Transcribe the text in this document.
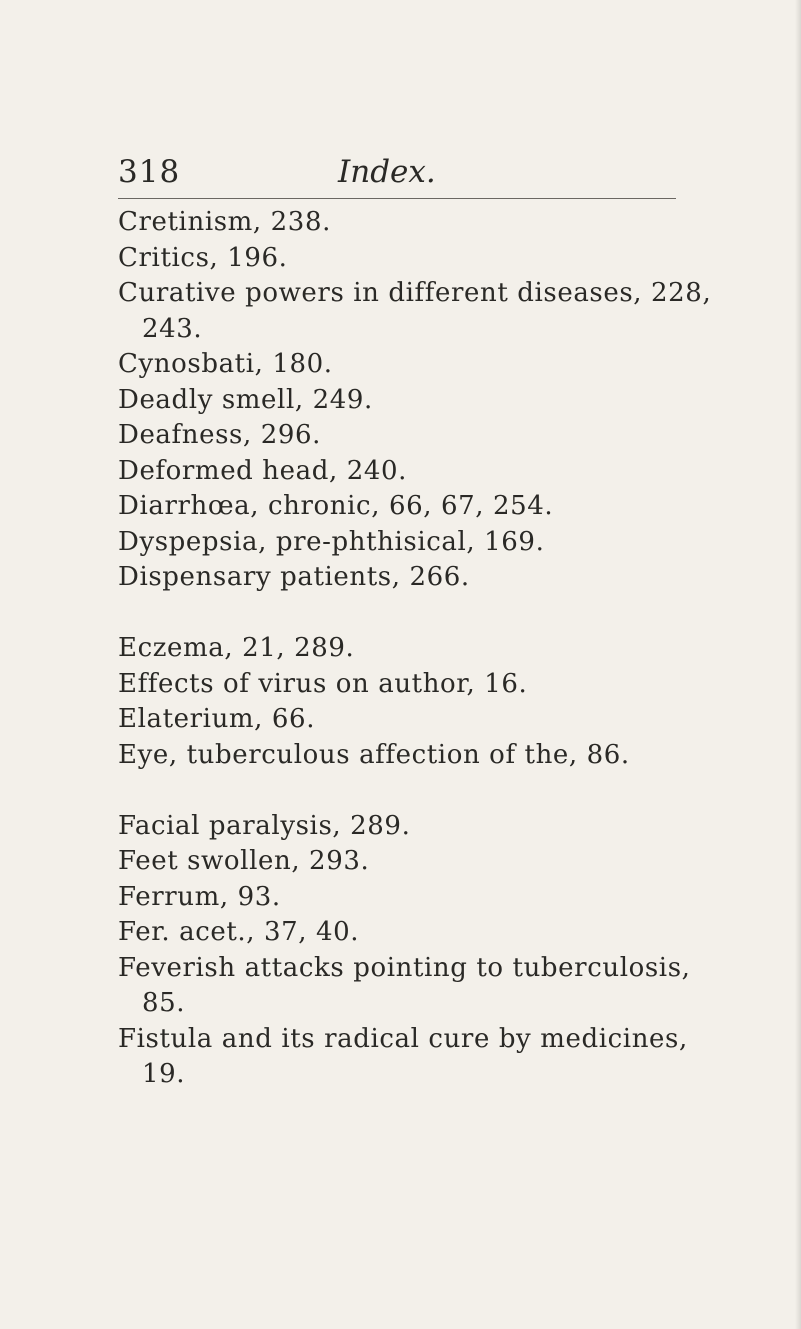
318	Index.
Cretinism, 238.
Critics, 196.
Curative powers in different diseases, 228,
243.
Cynosbati, 180.
Deadly smell, 249.
Deafness, 296.
Deformed head, 240.
Diarrhœa, chronic, 66, 67, 254.
Dyspepsia, pre-phthisical, 169.
Dispensary patients, 266.
Eczema, 21, 289.
Effects of virus on author, 16.
Elaterium, 66.
Eye, tuberculous affection of the, 86.
Facial paralysis, 289.
Feet swollen, 293.
Ferrum, 93.
Fer. acet., 37, 40.
Feverish attacks pointing to tuberculosis,
85.
Fistula and its radical cure by medicines,
19.
